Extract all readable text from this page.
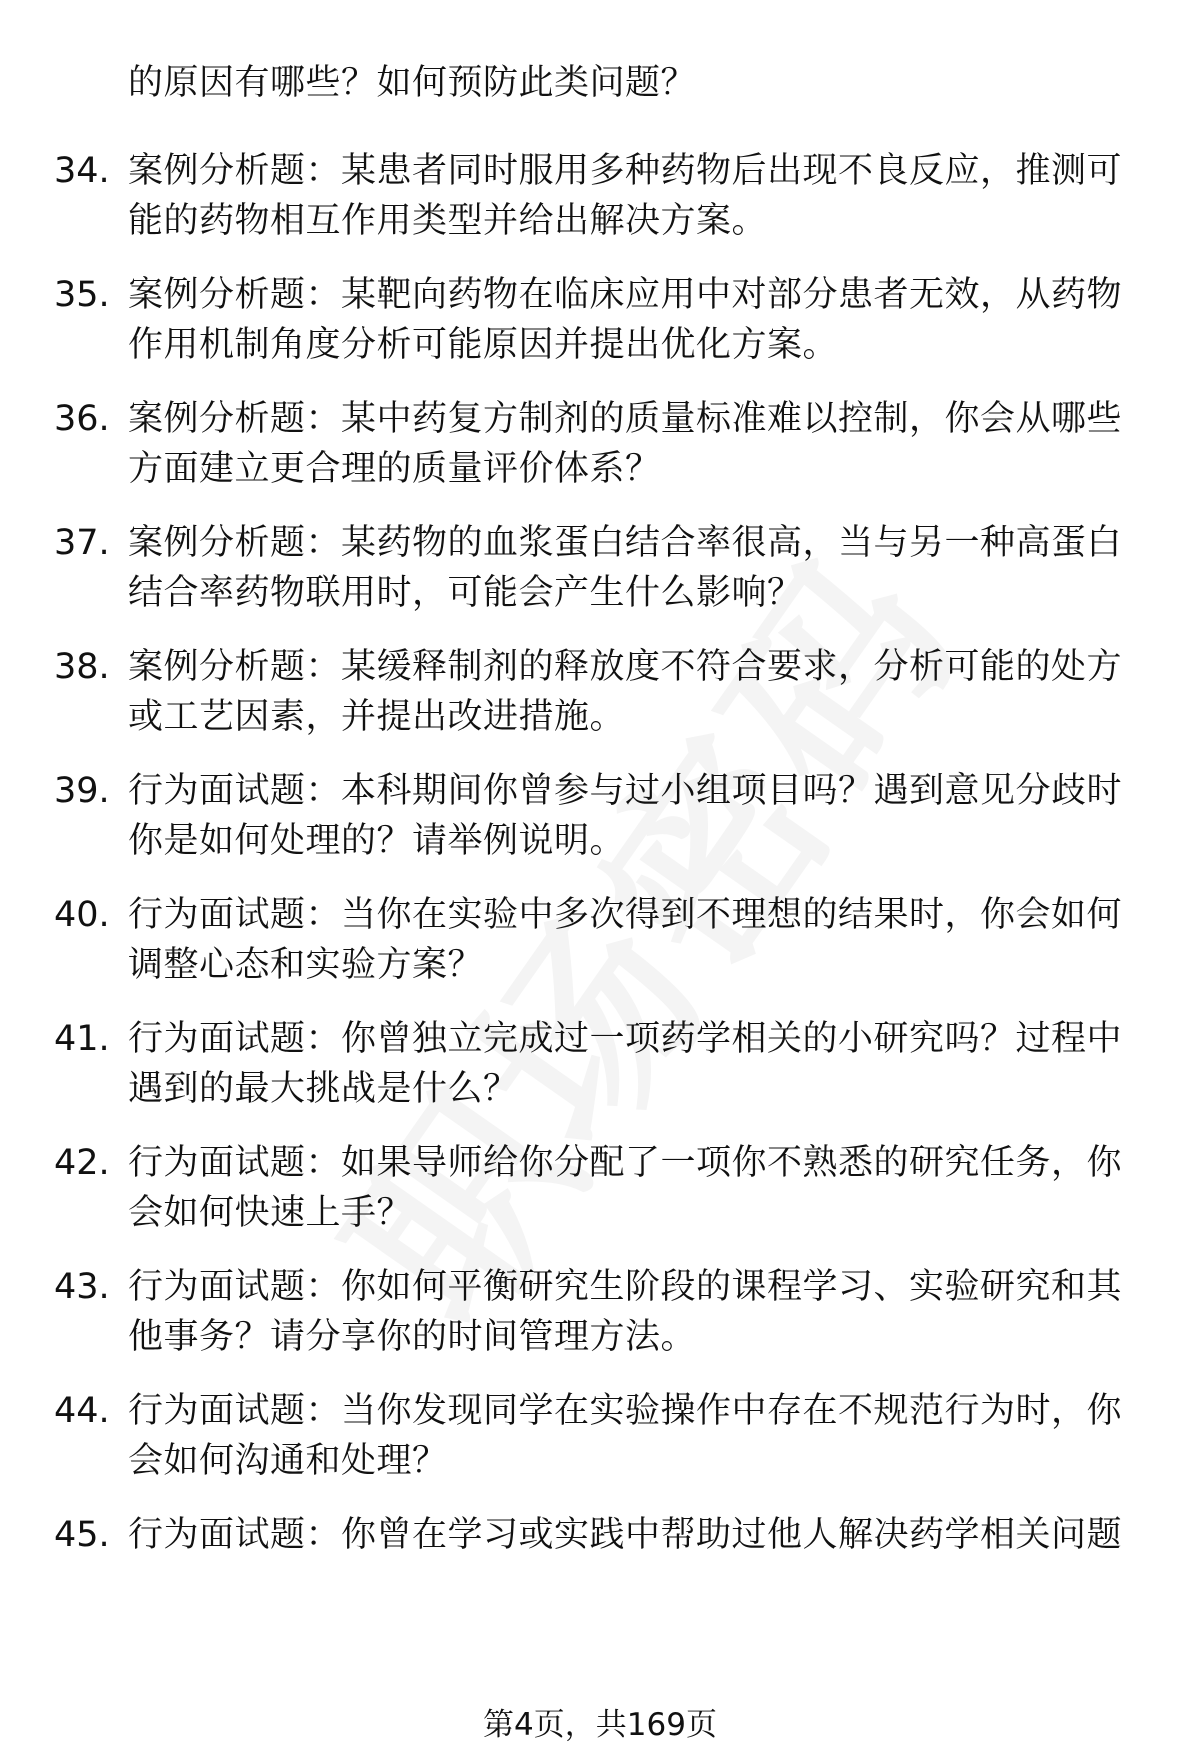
的原因有哪些？如何预防此类问题？
34. 案例分析题：某患者同时服用多种药物后出现不良反应，推测可
能的药物相互作用类型并给出解决方案。
35. 案例分析题：某靶向药物在临床应用中对部分患者无效，从药物
作用机制角度分析可能原因并提出优化方案。
36. 案例分析题：某中药复方制剂的质量标准难以控制，你会从哪些
方面建立更合理的质量评价体系？
37. 案例分析题：某药物的血浆蛋白结合率很高，当与另一种高蛋白
结合率药物联用时，可能会产生什么影响？
38. 案例分析题：某缓释制剂的释放度不符合要求，分析可能的处方
或工艺因素，并提出改进措施。
39. 行为面试题：本科期间你曾参与过小组项目吗？遇到意见分歧时
你是如何处理的？请举例说明。
40. 行为面试题：当你在实验中多次得到不理想的结果时，你会如何
调整心态和实验方案？
41. 行为面试题：你曾独立完成过一项药学相关的小研究吗？过程中
遇到的最大挑战是什么？
42. 行为面试题：如果导师给你分配了一项你不熟悉的研究任务，你
会如何快速上手？
43. 行为面试题：你如何平衡研究生阶段的课程学习、实验研究和其
他事务？请分享你的时间管理方法。
44. 行为面试题：当你发现同学在实验操作中存在不规范行为时，你
会如何沟通和处理？
45. 行为面试题：你曾在学习或实践中帮助过他人解决药学相关问题
第4页，共169页
